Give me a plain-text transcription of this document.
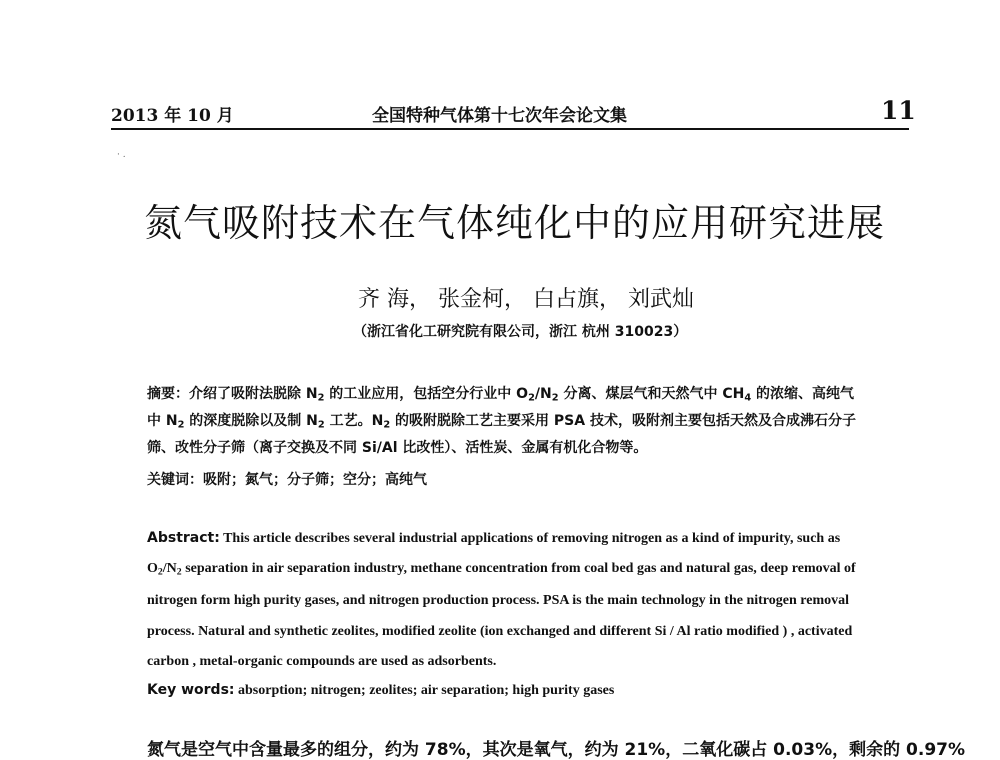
2013 年 10 月	全国特种气体第十七次年会论文集	11
· .
氮气吸附技术在气体纯化中的应用研究进展
齐 海， 张金柯， 白占旗， 刘武灿
（浙江省化工研究院有限公司，浙江 杭州 310023）
摘要：介绍了吸附法脱除 $N_2$ 的工业应用，包括空分行业中 $O_2/N_2$ 分离、煤层气和天然气中 $CH_4$ 的浓缩、高纯气
中 $N_2$ 的深度脱除以及制 $N_2$ 工艺。$N_2$ 的吸附脱除工艺主要采用 PSA 技术，吸附剂主要包括天然及合成沸石分子
筛、改性分子筛（离子交换及不同 Si/Al 比改性）、活性炭、金属有机化合物等。
关键词：吸附；氮气；分子筛；空分；高纯气
Abstract: This article describes several industrial applications of removing nitrogen as a kind of impurity, such as
$O_2/N_2$ separation in air separation industry, methane concentration from coal bed gas and natural gas, deep removal of
nitrogen form high purity gases, and nitrogen production process. PSA is the main technology in the nitrogen removal
process. Natural and synthetic zeolites, modified zeolite (ion exchanged and different Si / Al ratio modified ) , activated
carbon , metal-organic compounds are used as adsorbents.
Key words: absorption; nitrogen; zeolites; air separation; high purity gases
氮气是空气中含量最多的组分，约为 78%，其次是氧气，约为 21%，二氧化碳占 0.03%，剩余的 0.97%
